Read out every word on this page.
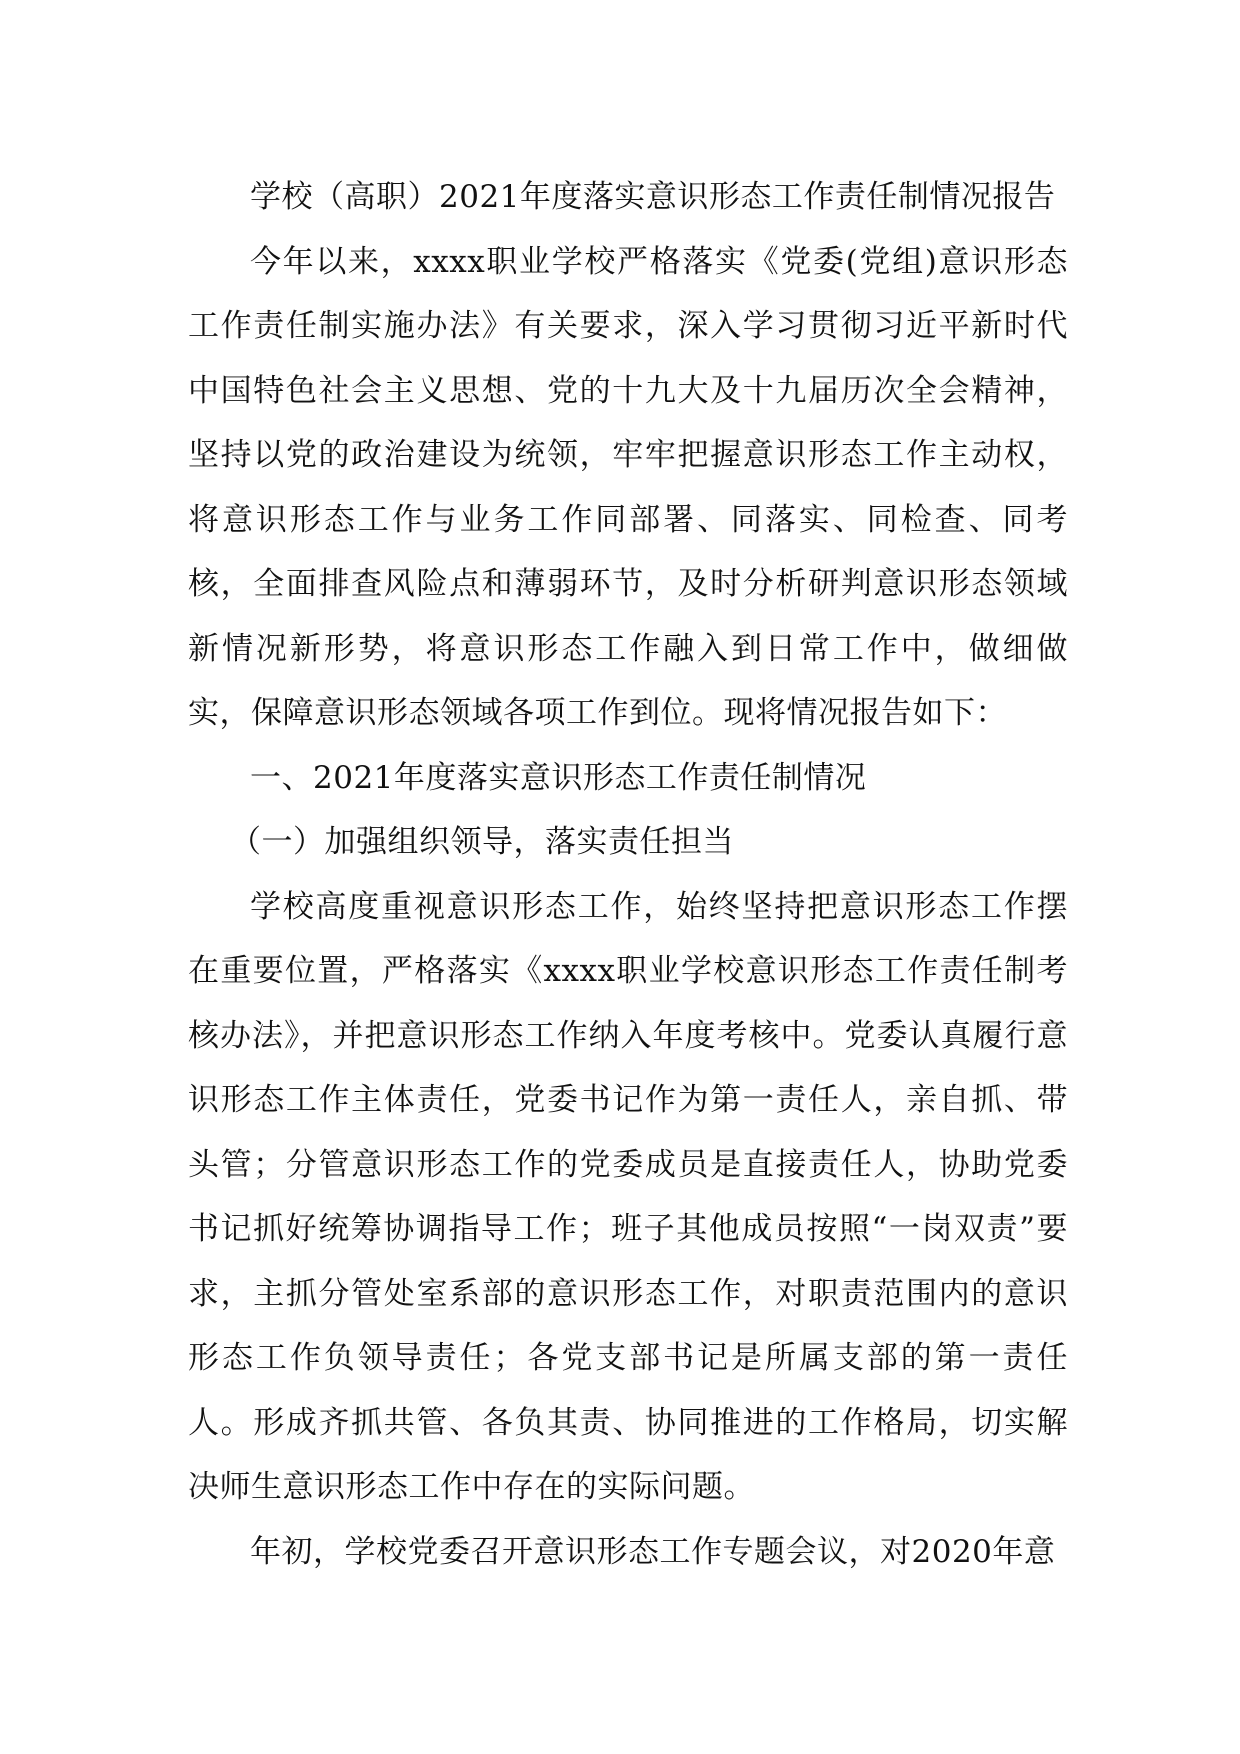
学校（高职）2021年度落实意识形态工作责任制情况报告

今年以来，xxxx职业学校严格落实《党委(党组)意识形态工作责任制实施办法》有关要求，深入学习贯彻习近平新时代中国特色社会主义思想、党的十九大及十九届历次全会精神，坚持以党的政治建设为统领，牢牢把握意识形态工作主动权，将意识形态工作与业务工作同部署、同落实、同检查、同考核，全面排查风险点和薄弱环节，及时分析研判意识形态领域新情况新形势，将意识形态工作融入到日常工作中，做细做实，保障意识形态领域各项工作到位。现将情况报告如下：

一、2021年度落实意识形态工作责任制情况

（一）加强组织领导，落实责任担当

学校高度重视意识形态工作，始终坚持把意识形态工作摆在重要位置，严格落实《xxxx职业学校意识形态工作责任制考核办法》，并把意识形态工作纳入年度考核中。党委认真履行意识形态工作主体责任，党委书记作为第一责任人，亲自抓、带头管；分管意识形态工作的党委成员是直接责任人，协助党委书记抓好统筹协调指导工作；班子其他成员按照“一岗双责”要求，主抓分管处室系部的意识形态工作，对职责范围内的意识形态工作负领导责任；各党支部书记是所属支部的第一责任人。形成齐抓共管、各负其责、协同推进的工作格局，切实解决师生意识形态工作中存在的实际问题。

年初，学校党委召开意识形态工作专题会议，对2020年意
